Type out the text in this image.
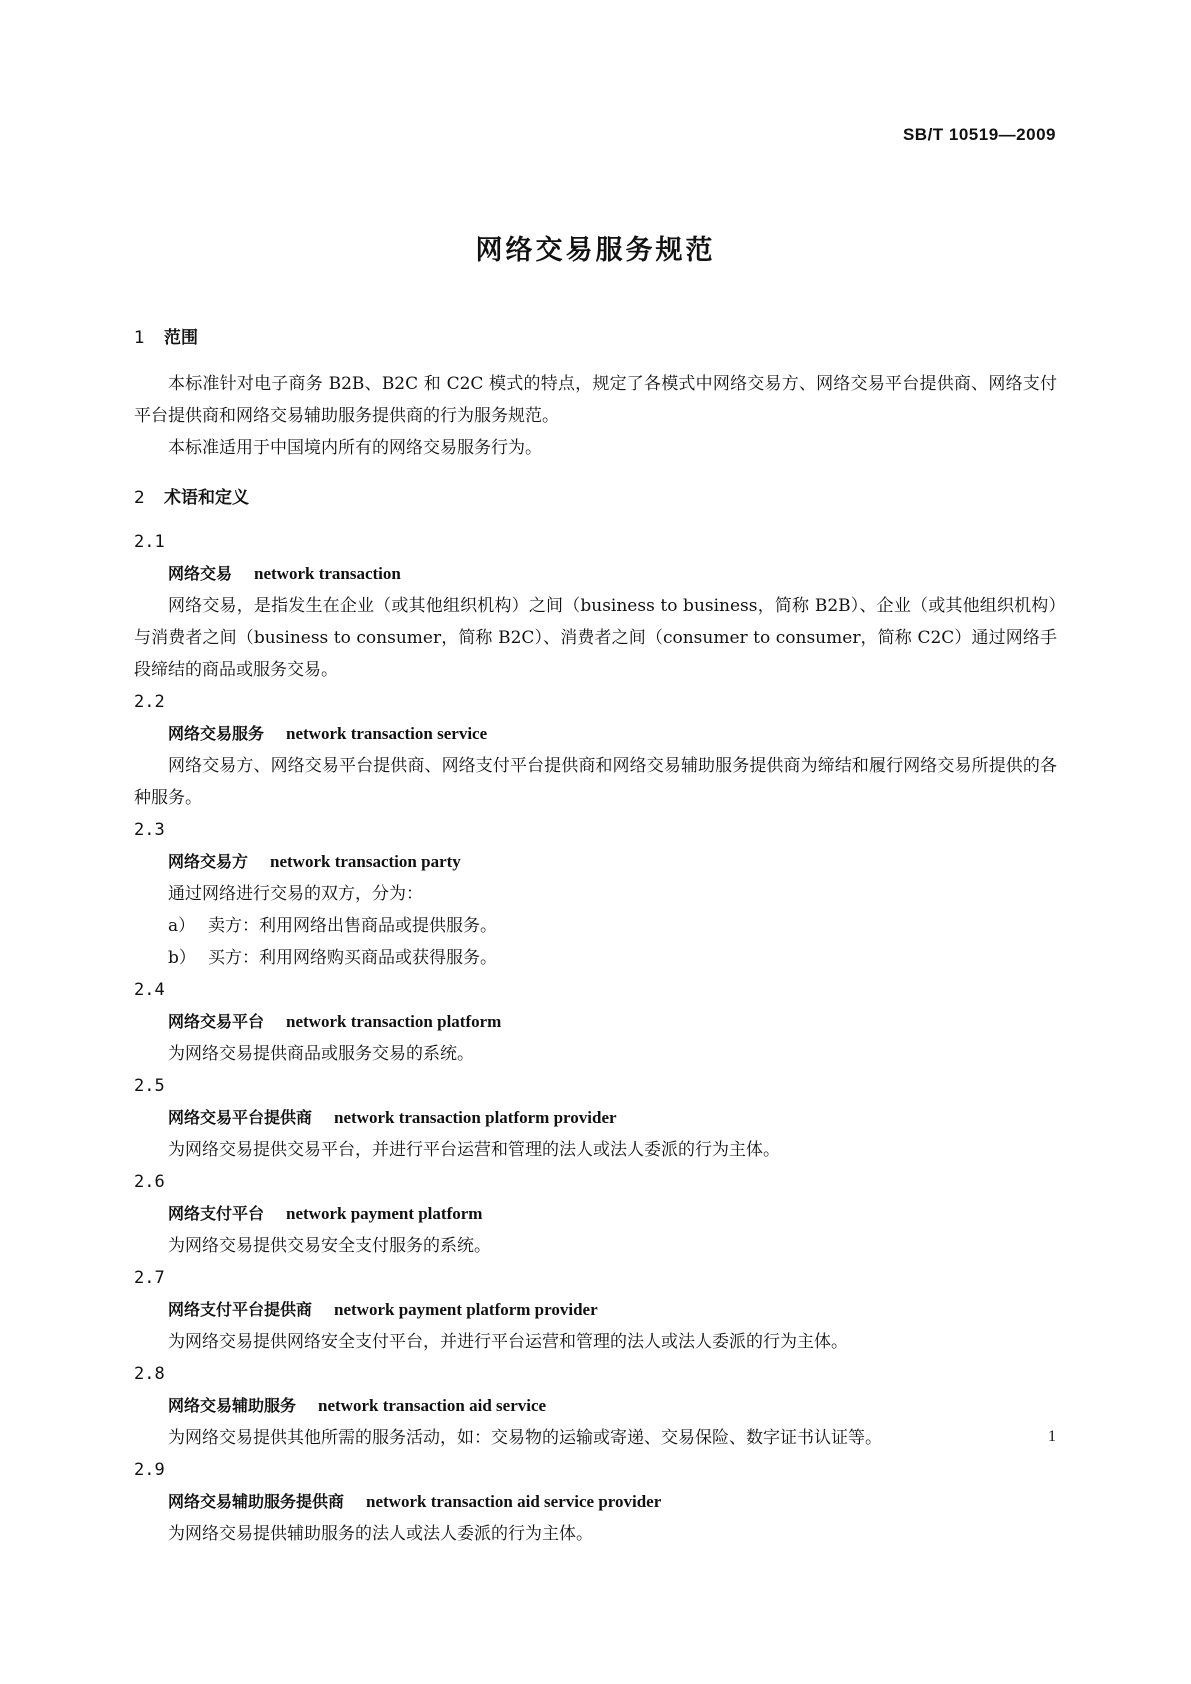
SB/T 10519—2009
网络交易服务规范
1 范围

本标准针对电子商务 B2B、B2C 和 C2C 模式的特点，规定了各模式中网络交易方、网络交易平台提供商、网络支付平台提供商和网络交易辅助服务提供商的行为服务规范。

本标准适用于中国境内所有的网络交易服务行为。

2 术语和定义
2.1
网络交易 network transaction

网络交易，是指发生在企业（或其他组织机构）之间（business to business，简称 B2B）、企业（或其他组织机构）与消费者之间（business to consumer，简称 B2C）、消费者之间（consumer to consumer，简称 C2C）通过网络手段缔结的商品或服务交易。

2.2
网络交易服务 network transaction service

网络交易方、网络交易平台提供商、网络支付平台提供商和网络交易辅助服务提供商为缔结和履行网络交易所提供的各种服务。

2.3
网络交易方 network transaction party

通过网络进行交易的双方，分为：

a） 卖方：利用网络出售商品或提供服务。
b） 买方：利用网络购买商品或获得服务。
2.4
网络交易平台 network transaction platform

为网络交易提供商品或服务交易的系统。

2.5
网络交易平台提供商 network transaction platform provider

为网络交易提供交易平台，并进行平台运营和管理的法人或法人委派的行为主体。

2.6
网络支付平台 network payment platform

为网络交易提供交易安全支付服务的系统。

2.7
网络支付平台提供商 network payment platform provider

为网络交易提供网络安全支付平台，并进行平台运营和管理的法人或法人委派的行为主体。

2.8
网络交易辅助服务 network transaction aid service

为网络交易提供其他所需的服务活动，如：交易物的运输或寄递、交易保险、数字证书认证等。

2.9
网络交易辅助服务提供商 network transaction aid service provider

为网络交易提供辅助服务的法人或法人委派的行为主体。

1
